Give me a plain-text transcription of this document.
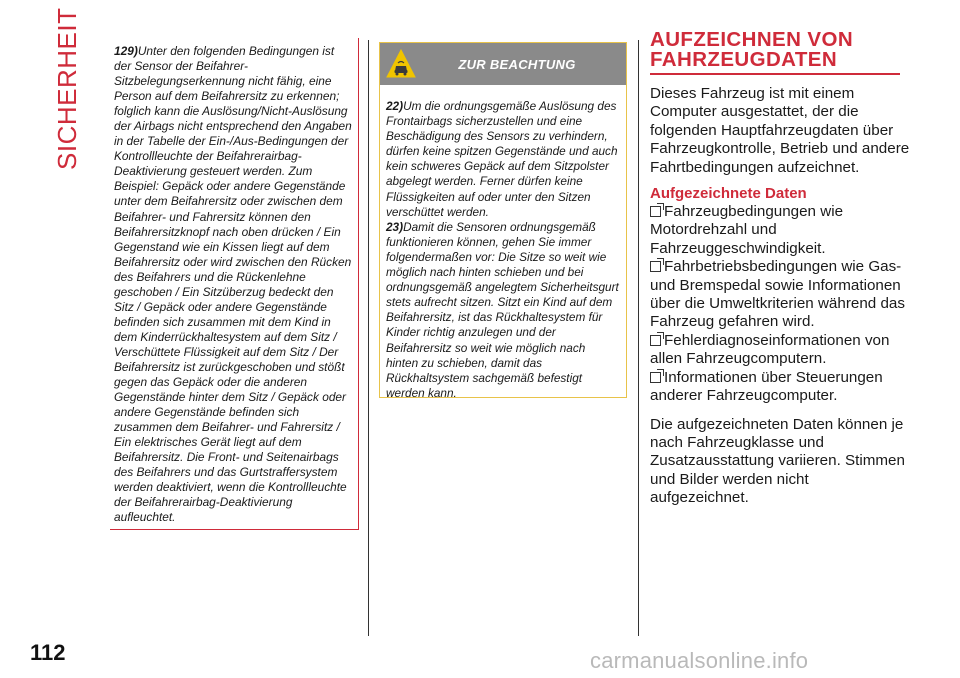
SICHERHEIT	129)Unter den folgenden Bedingungen ist der Sensor der Beifahrer-Sitzbelegungserkennung nicht fähig, eine Person auf dem Beifahrersitz zu erkennen; folglich kann die Auslösung/Nicht-Auslösung der Airbags nicht entsprechend den Angaben in der Tabelle der Ein-/Aus-Bedingungen der Kontrollleuchte der Beifahrerairbag-Deaktivierung gesteuert werden. Zum Beispiel: Gepäck oder andere Gegenstände unter dem Beifahrersitz oder zwischen dem Beifahrer- und Fahrersitz können den Beifahrersitzknopf nach oben drücken / Ein Gegenstand wie ein Kissen liegt auf dem Beifahrersitz oder wird zwischen den Rücken des Beifahrers und die Rückenlehne geschoben / Ein Sitzüberzug bedeckt den Sitz / Gepäck oder andere Gegenstände befinden sich zusammen mit dem Kind in dem Kinderrückhaltesystem auf dem Sitz / Verschüttete Flüssigkeit auf dem Sitz / Der Beifahrersitz ist zurückgeschoben und stößt gegen das Gepäck oder die anderen Gegenstände hinter dem Sitz / Gepäck oder andere Gegenstände befinden sich zusammen dem Beifahrer- und Fahrersitz / Ein elektrisches Gerät liegt auf dem Beifahrersitz. Die Front- und Seitenairbags des Beifahrers und das Gurtstraffersystem werden deaktiviert, wenn die Kontrollleuchte der Beifahrerairbag-Deaktivierung aufleuchtet.
ZUR BEACHTUNG
22)Um die ordnungsgemäße Auslösung des Frontairbags sicherzustellen und eine Beschädigung des Sensors zu verhindern, dürfen keine spitzen Gegenstände und auch kein schweres Gepäck auf dem Sitzpolster abgelegt werden. Ferner dürfen keine Flüssigkeiten auf oder unter den Sitzen verschüttet werden.
23)Damit die Sensoren ordnungsgemäß funktionieren können, gehen Sie immer folgendermaßen vor: Die Sitze so weit wie möglich nach hinten schieben und bei ordnungsgemäß angelegtem Sicherheitsgurt stets aufrecht sitzen. Sitzt ein Kind auf dem Beifahrersitz, ist das Rückhaltesystem für Kinder richtig anzulegen und der Beifahrersitz so weit wie möglich nach hinten zu schieben, damit das Rückhaltsystem sachgemäß befestigt werden kann.
AUFZEICHNEN VON
FAHRZEUGDATEN
Dieses Fahrzeug ist mit einem Computer ausgestattet, der die folgenden Hauptfahrzeugdaten über Fahrzeugkontrolle, Betrieb und andere Fahrtbedingungen aufzeichnet.
Aufgezeichnete Daten
Fahrzeugbedingungen wie Motordrehzahl und Fahrzeuggeschwindigkeit.
Fahrbetriebsbedingungen wie Gas- und Bremspedal sowie Informationen über die Umweltkriterien während das Fahrzeug gefahren wird.
Fehlerdiagnoseinformationen von allen Fahrzeugcomputern.
Informationen über Steuerungen anderer Fahrzeugcomputer.
Die aufgezeichneten Daten können je nach Fahrzeugklasse und Zusatzausstattung variieren. Stimmen und Bilder werden nicht aufgezeichnet.
112	carmanualsonline.info
